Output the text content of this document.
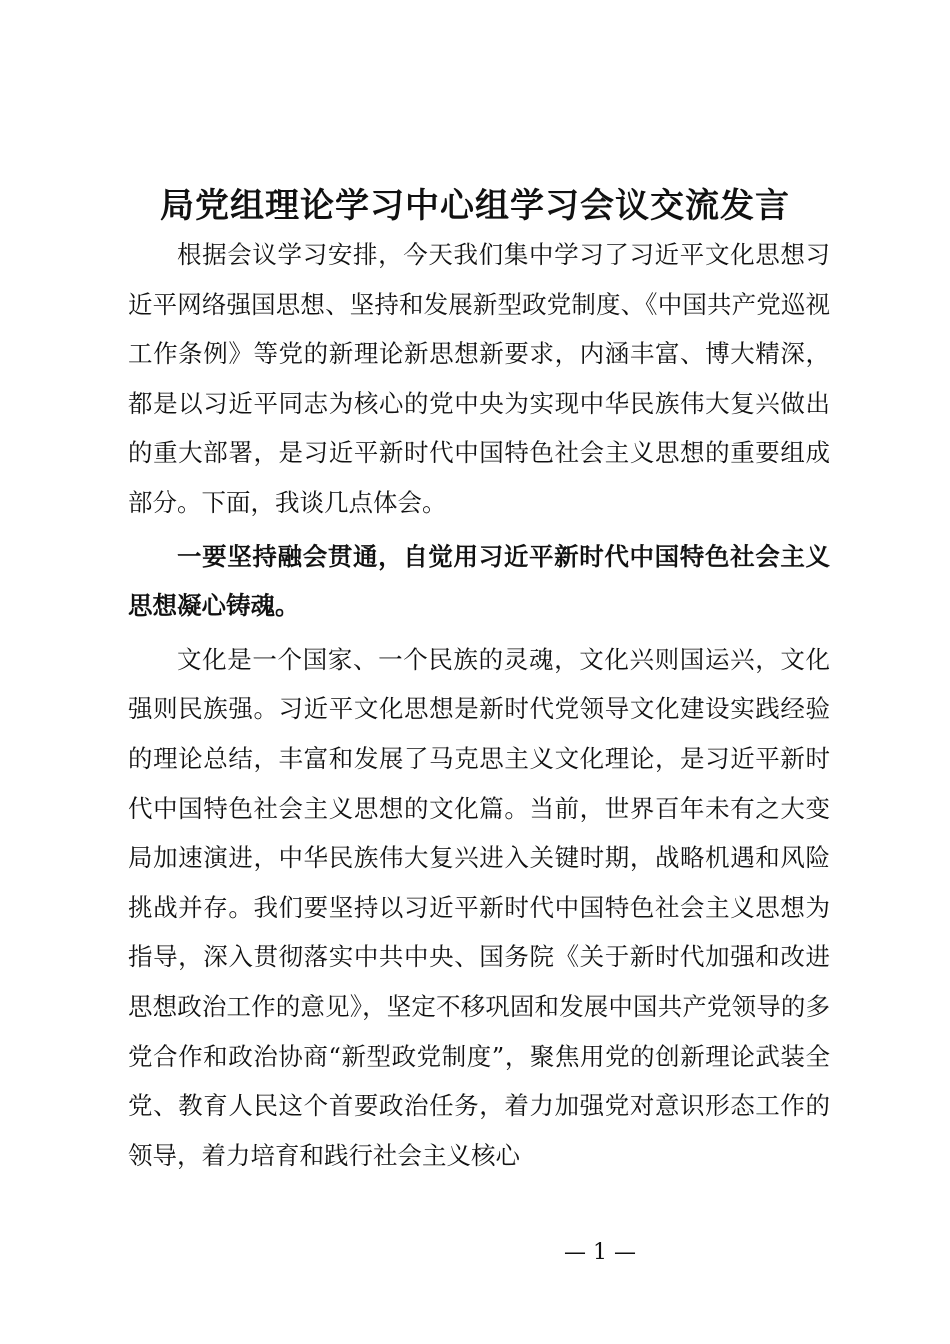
局党组理论学习中心组学习会议交流发言

根据会议学习安排，今天我们集中学习了习近平文化思想习近平网络强国思想、坚持和发展新型政党制度、《中国共产党巡视工作条例》等党的新理论新思想新要求，内涵丰富、博大精深，都是以习近平同志为核心的党中央为实现中华民族伟大复兴做出的重大部署，是习近平新时代中国特色社会主义思想的重要组成部分。下面，我谈几点体会。

一要坚持融会贯通，自觉用习近平新时代中国特色社会主义思想凝心铸魂。

文化是一个国家、一个民族的灵魂，文化兴则国运兴，文化强则民族强。习近平文化思想是新时代党领导文化建设实践经验的理论总结，丰富和发展了马克思主义文化理论，是习近平新时代中国特色社会主义思想的文化篇。当前，世界百年未有之大变局加速演进，中华民族伟大复兴进入关键时期，战略机遇和风险挑战并存。我们要坚持以习近平新时代中国特色社会主义思想为指导，深入贯彻落实中共中央、国务院《关于新时代加强和改进思想政治工作的意见》，坚定不移巩固和发展中国共产党领导的多党合作和政治协商“新型政党制度”，聚焦用党的创新理论武装全党、教育人民这个首要政治任务，着力加强党对意识形态工作的领导，着力培育和践行社会主义核心

— 1 —
